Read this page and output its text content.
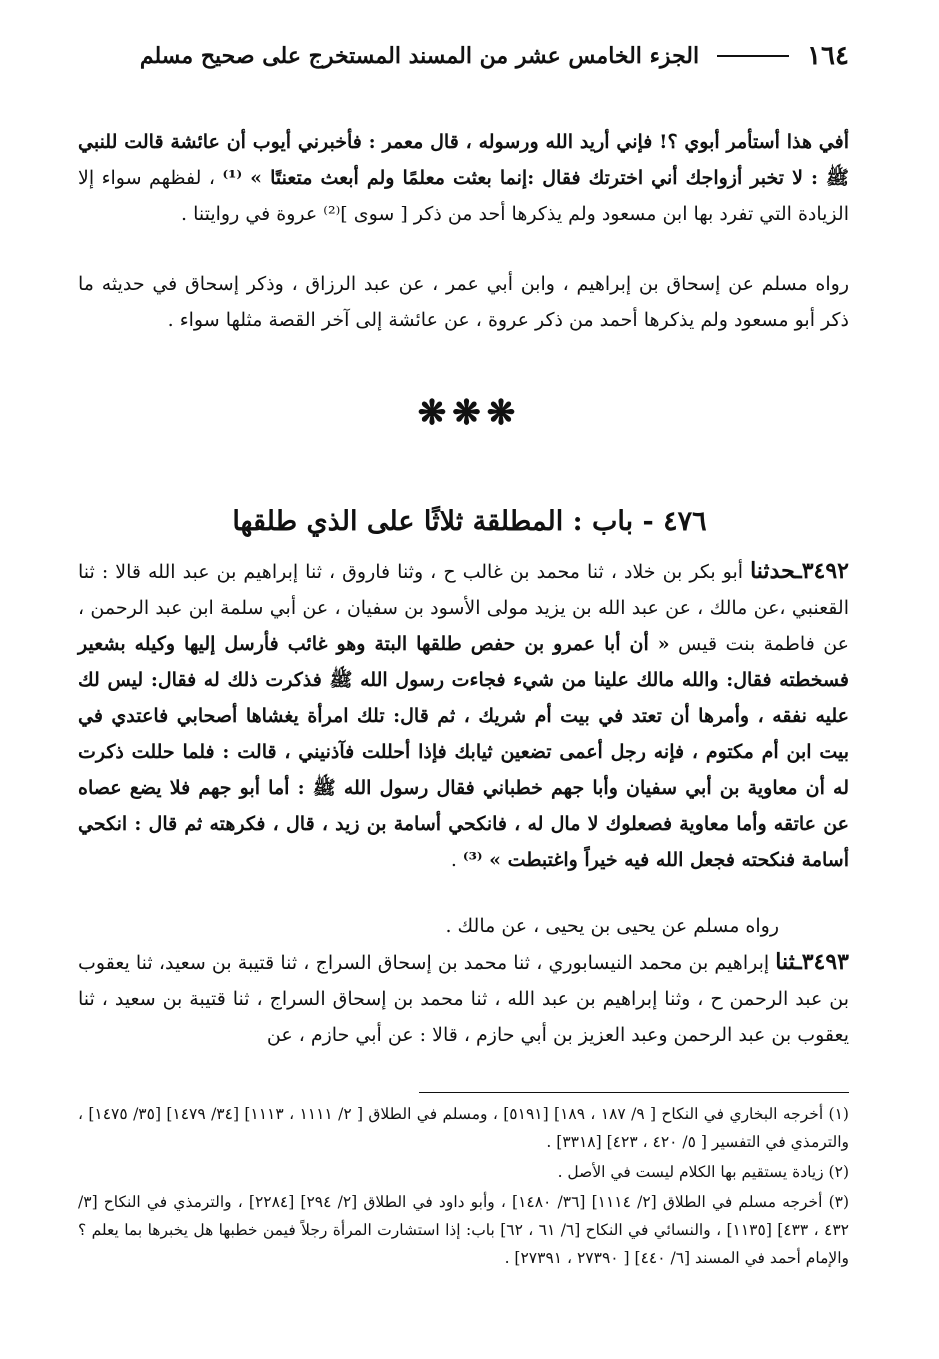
١٦٤
الجزء الخامس عشر من المسند المستخرج على صحيح مسلم

أفي هذا أستأمر أبوي ؟! فإني أريد الله ورسوله ، قال معمر : فأخبرني أيوب أن عائشة قالت للنبي ﷺ : لا تخبر أزواجك أني اخترتك فقال :إنما بعثت معلمًا ولم أبعث متعنتًا » ⁽¹⁾ ، لفظهم سواء إلا الزيادة التي تفرد بها ابن مسعود ولم يذكرها أحد من ذكر [ سوى ]⁽²⁾ عروة في روايتنا .

رواه مسلم عن إسحاق بن إبراهيم ، وابن أبي عمر ، عن عبد الرزاق ، وذكر إسحاق في حديثه ما ذكر أبو مسعود ولم يذكرها أحمد من ذكر عروة ، عن عائشة إلى آخر القصة مثلها سواء .

❋❋❋
٤٧٦ - باب : المطلقة ثلاثًا على الذي طلقها

٣٤٩٢ـحدثنا أبو بكر بن خلاد ، ثنا محمد بن غالب ح ، وثنا فاروق ، ثنا إبراهيم بن عبد الله قالا : ثنا القعنبي ،عن مالك ، عن عبد الله بن يزيد مولى الأسود بن سفيان ، عن أبي سلمة ابن عبد الرحمن ، عن فاطمة بنت قيس « أن أبا عمرو بن حفص طلقها البتة وهو غائب فأرسل إليها وكيله بشعير فسخطته فقال: والله مالك علينا من شيء فجاءت رسول الله ﷺ فذكرت ذلك له فقال: ليس لك عليه نفقه ، وأمرها أن تعتد في بيت أم شريك ، ثم قال: تلك امرأة يغشاها أصحابي فاعتدي في بيت ابن أم مكتوم ، فإنه رجل أعمى تضعين ثيابك فإذا أحللت فآذنيني ، قالت : فلما حللت ذكرت له أن معاوية بن أبي سفيان وأبا جهم خطباني فقال رسول الله ﷺ : أما أبو جهم فلا يضع عصاه عن عاتقه وأما معاوية فصعلوك لا مال له ، فانكحي أسامة بن زيد ، قال ، فكرهته ثم قال : انكحي أسامة فنكحته فجعل الله فيه خيراً واغتبطت » ⁽³⁾ .

رواه مسلم عن يحيى بن يحيى ، عن مالك .

٣٤٩٣ـثنا إبراهيم بن محمد النيسابوري ، ثنا محمد بن إسحاق السراج ، ثنا قتيبة بن سعيد، ثنا يعقوب بن عبد الرحمن ح ، وثنا إبراهيم بن عبد الله ، ثنا محمد بن إسحاق السراج ، ثنا قتيبة بن سعيد ، ثنا يعقوب بن عبد الرحمن وعبد العزيز بن أبي حازم ، قالا : عن أبي حازم ، عن

(١) أخرجه البخاري في النكاح [ ٩/ ١٨٧ ، ١٨٩] [٥١٩١] ، ومسلم في الطلاق [ ٢/ ١١١١ ، ١١١٣] [٣٤/ ١٤٧٩] [٣٥/ ١٤٧٥] ، والترمذي في التفسير [ ٥/ ٤٢٠ ، ٤٢٣] [٣٣١٨] .

(٢) زيادة يستقيم بها الكلام ليست في الأصل .

(٣) أخرجه مسلم في الطلاق [٢/ ١١١٤] [٣٦/ ١٤٨٠] ، وأبو داود في الطلاق [٢/ ٢٩٤] [٢٢٨٤] ، والترمذي في النكاح [٣/ ٤٣٢ ، ٤٣٣] [١١٣٥] ، والنسائي في النكاح [٦/ ٦١ ، ٦٢] باب: إذا استشارت المرأة رجلاً فيمن خطبها هل يخبرها بما يعلم ؟ والإمام أحمد في المسند [٦/ ٤٤٠] [ ٢٧٣٩٠ ، ٢٧٣٩١] .
